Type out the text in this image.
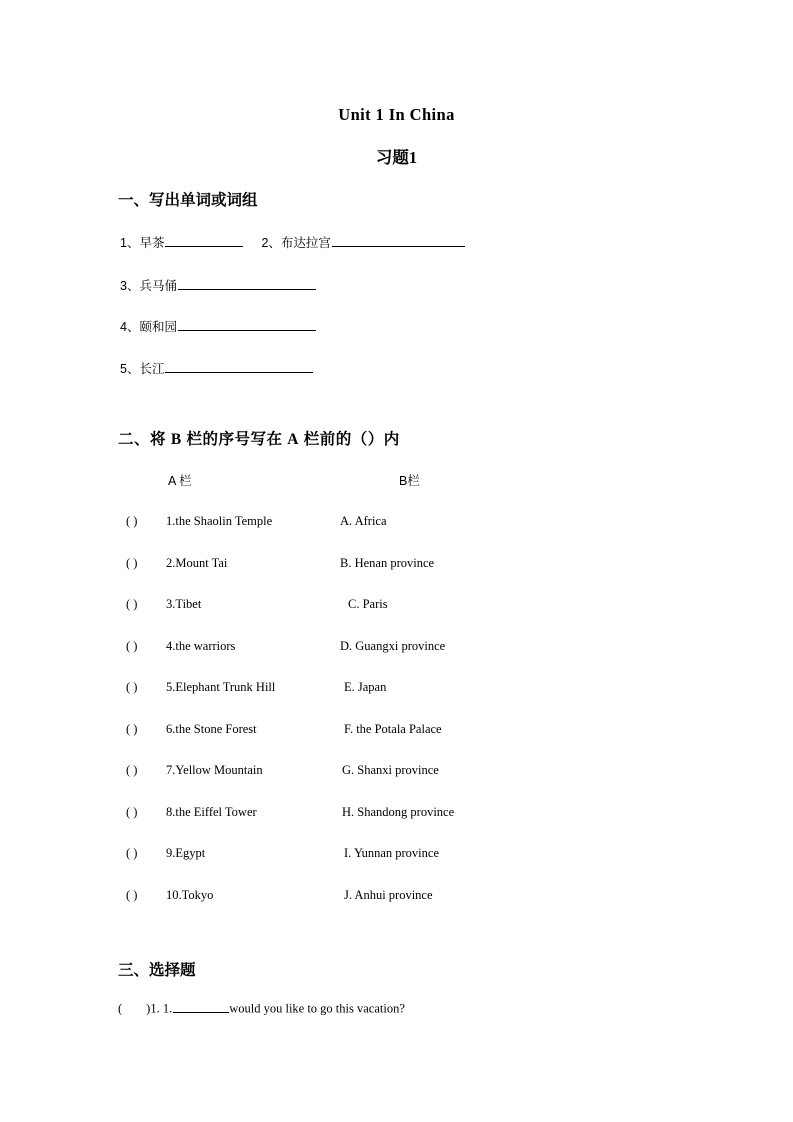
Unit 1 In China
习题1
一、写出单词或词组
1、早茶	2、布达拉宫
3、兵马俑
4、颐和园
5、长江
二、将 B 栏的序号写在 A 栏前的（）内
A 栏	B栏
( ) 1.the Shaolin Temple	A. Africa
( ) 2.Mount Tai	B. Henan province
( ) 3.Tibet	C. Paris
( ) 4.the warriors	D. Guangxi province
( ) 5.Elephant Trunk Hill	E. Japan
( ) 6.the Stone Forest	F. the Potala Palace
( ) 7.Yellow Mountain	G. Shanxi province
( ) 8.the Eiffel Tower	H. Shandong province
( ) 9.Egypt	I. Yunnan province
( ) 10.Tokyo	J. Anhui province
三、选择题
( )1. 1.	would you like to go this vacation?
